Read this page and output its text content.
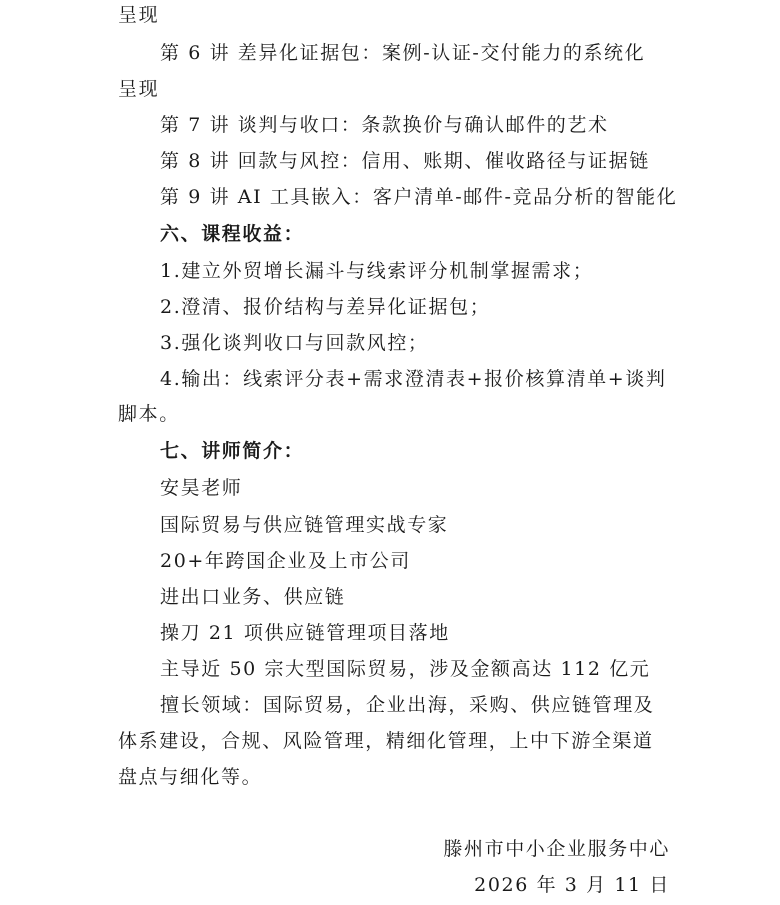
呈现
第 6 讲 差异化证据包：案例-认证-交付能力的系统化
呈现
第 7 讲 谈判与收口：条款换价与确认邮件的艺术
第 8 讲 回款与风控：信用、账期、催收路径与证据链
第 9 讲 AI 工具嵌入：客户清单-邮件-竞品分析的智能化
六、课程收益：
1.建立外贸增长漏斗与线索评分机制掌握需求；
2.澄清、报价结构与差异化证据包；
3.强化谈判收口与回款风控；
4.输出：线索评分表+需求澄清表+报价核算清单+谈判
脚本。
七、讲师简介：
安昊老师
国际贸易与供应链管理实战专家
20+年跨国企业及上市公司
进出口业务、供应链
操刀 21 项供应链管理项目落地
主导近 50 宗大型国际贸易，涉及金额高达 112 亿元
擅长领域：国际贸易，企业出海，采购、供应链管理及
体系建设，合规、风险管理，精细化管理，上中下游全渠道
盘点与细化等。
滕州市中小企业服务中心
2026 年 3 月 11 日
